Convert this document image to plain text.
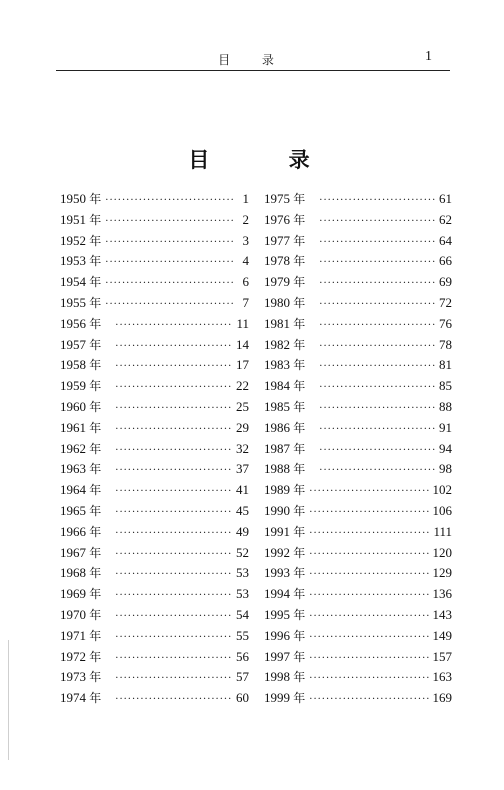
目 录	1
目 录
1950 年 ·····	1
1951 年 ·····	2
1952 年 ·····	3
1953 年 ·····	4
1954 年 ·····	6
1955 年 ·····	7
1956 年 ·····	11
1957 年 ·····	14
1958 年 ·····	17
1959 年 ·····	22
1960 年 ·····	25
1961 年 ·····	29
1962 年 ·····	32
1963 年 ·····	37
1964 年 ·····	41
1965 年 ·····	45
1966 年 ·····	49
1967 年 ·····	52
1968 年 ·····	53
1969 年 ·····	53
1970 年 ·····	54
1971 年 ·····	55
1972 年 ·····	56
1973 年 ·····	57
1974 年 ·····	60
1975 年 ·····	61
1976 年 ·····	62
1977 年 ·····	64
1978 年 ·····	66
1979 年 ·····	69
1980 年 ·····	72
1981 年 ·····	76
1982 年 ·····	78
1983 年 ·····	81
1984 年 ·····	85
1985 年 ·····	88
1986 年 ·····	91
1987 年 ·····	94
1988 年 ·····	98
1989 年 ·····	102
1990 年 ·····	106
1991 年 ·····	111
1992 年 ·····	120
1993 年 ·····	129
1994 年 ·····	136
1995 年 ·····	143
1996 年 ·····	149
1997 年 ·····	157
1998 年 ·····	163
1999 年 ·····	169
